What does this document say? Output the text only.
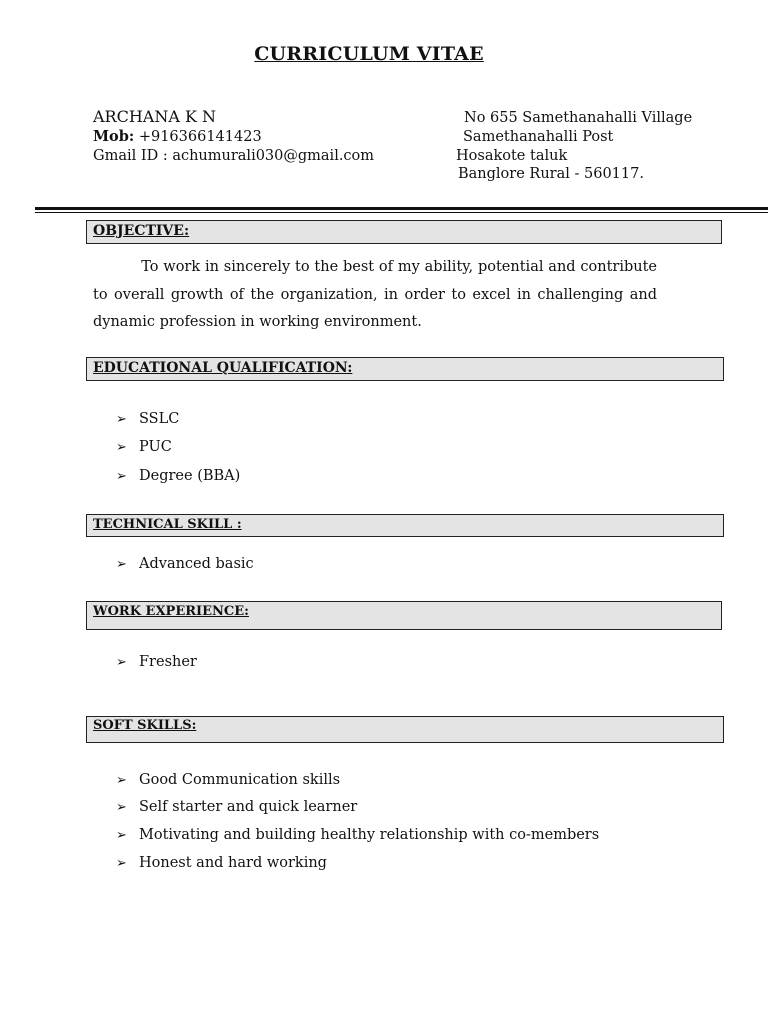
CURRICULUM VITAE
ARCHANA K N
Mob: +916366141423
Gmail ID : achumurali030@gmail.com
No 655 Samethanahalli Village
Samethanahalli Post
Hosakote taluk
Banglore Rural - 560117.
OBJECTIVE:
To work in sincerely to the best of my ability, potential and contribute to overall growth of the organization, in order to excel in challenging and dynamic profession in working environment.
EDUCATIONAL QUALIFICATION:
➢ SSLC
➢ PUC
➢ Degree (BBA)
TECHNICAL SKILL :
➢ Advanced basic
WORK EXPERIENCE:
➢ Fresher
SOFT SKILLS:
➢ Good Communication skills
➢ Self starter and quick learner
➢ Motivating and building healthy relationship with co-members
➢ Honest and hard working
